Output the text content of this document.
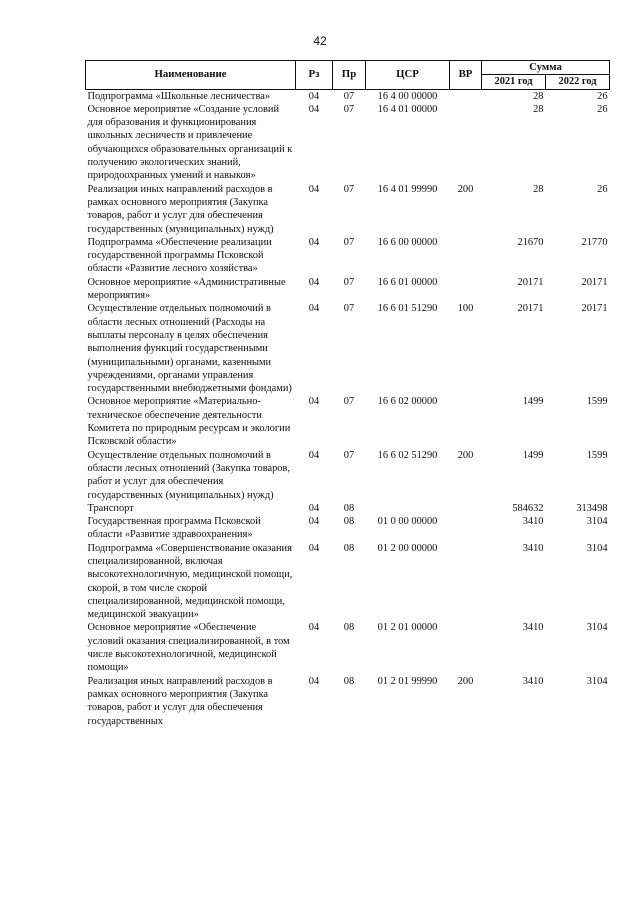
42
Наименование	Рз	Пр	ЦСР	ВР	Сумма	
					2021 год	2022 год
Подпрограмма «Школьные лесничества»	04	07	16 4 00 00000		28	26
Основное мероприятие «Создание условий для образования и функционирования школьных лесничеств и привлечение обучающихся образовательных организаций к получению экологических знаний, природоохранных умений и навыков»	04	07	16 4 01 00000		28	26
Реализация иных направлений расходов в рамках основного мероприятия (Закупка товаров, работ и услуг для обеспечения государственных (муниципальных) нужд)	04	07	16 4 01 99990	200	28	26
Подпрограмма «Обеспечение реализации государственной программы Псковской области «Развитие лесного хозяйства»	04	07	16 6 00 00000		21670	21770
Основное мероприятие «Административные мероприятия»	04	07	16 6 01 00000		20171	20171
Осуществление отдельных полномочий в области лесных отношений (Расходы на выплаты персоналу в целях обеспечения выполнения функций государственными (муниципальными) органами, казенными учреждениями, органами управления государственными внебюджетными фондами)	04	07	16 6 01 51290	100	20171	20171
Основное мероприятие «Материально-техническое обеспечение деятельности Комитета по природным ресурсам и экологии Псковской области»	04	07	16 6 02 00000		1499	1599
Осуществление отдельных полномочий в области лесных отношений (Закупка товаров, работ и услуг для обеспечения государственных (муниципальных) нужд)	04	07	16 6 02 51290	200	1499	1599
Транспорт	04	08			584632	313498
Государственная программа Псковской области «Развитие здравоохранения»	04	08	01 0 00 00000		3410	3104
Подпрограмма «Совершенствование оказания специализированной, включая высокотехнологичную, медицинской помощи, скорой, в том числе скорой специализированной, медицинской помощи, медицинской эвакуации»	04	08	01 2 00 00000		3410	3104
Основное мероприятие «Обеспечение условий оказания специализированной, в том числе высокотехнологичной, медицинской помощи»	04	08	01 2 01 00000		3410	3104
Реализация иных направлений расходов в рамках основного мероприятия (Закупка товаров, работ и услуг для обеспечения государственных	04	08	01 2 01 99990	200	3410	3104
